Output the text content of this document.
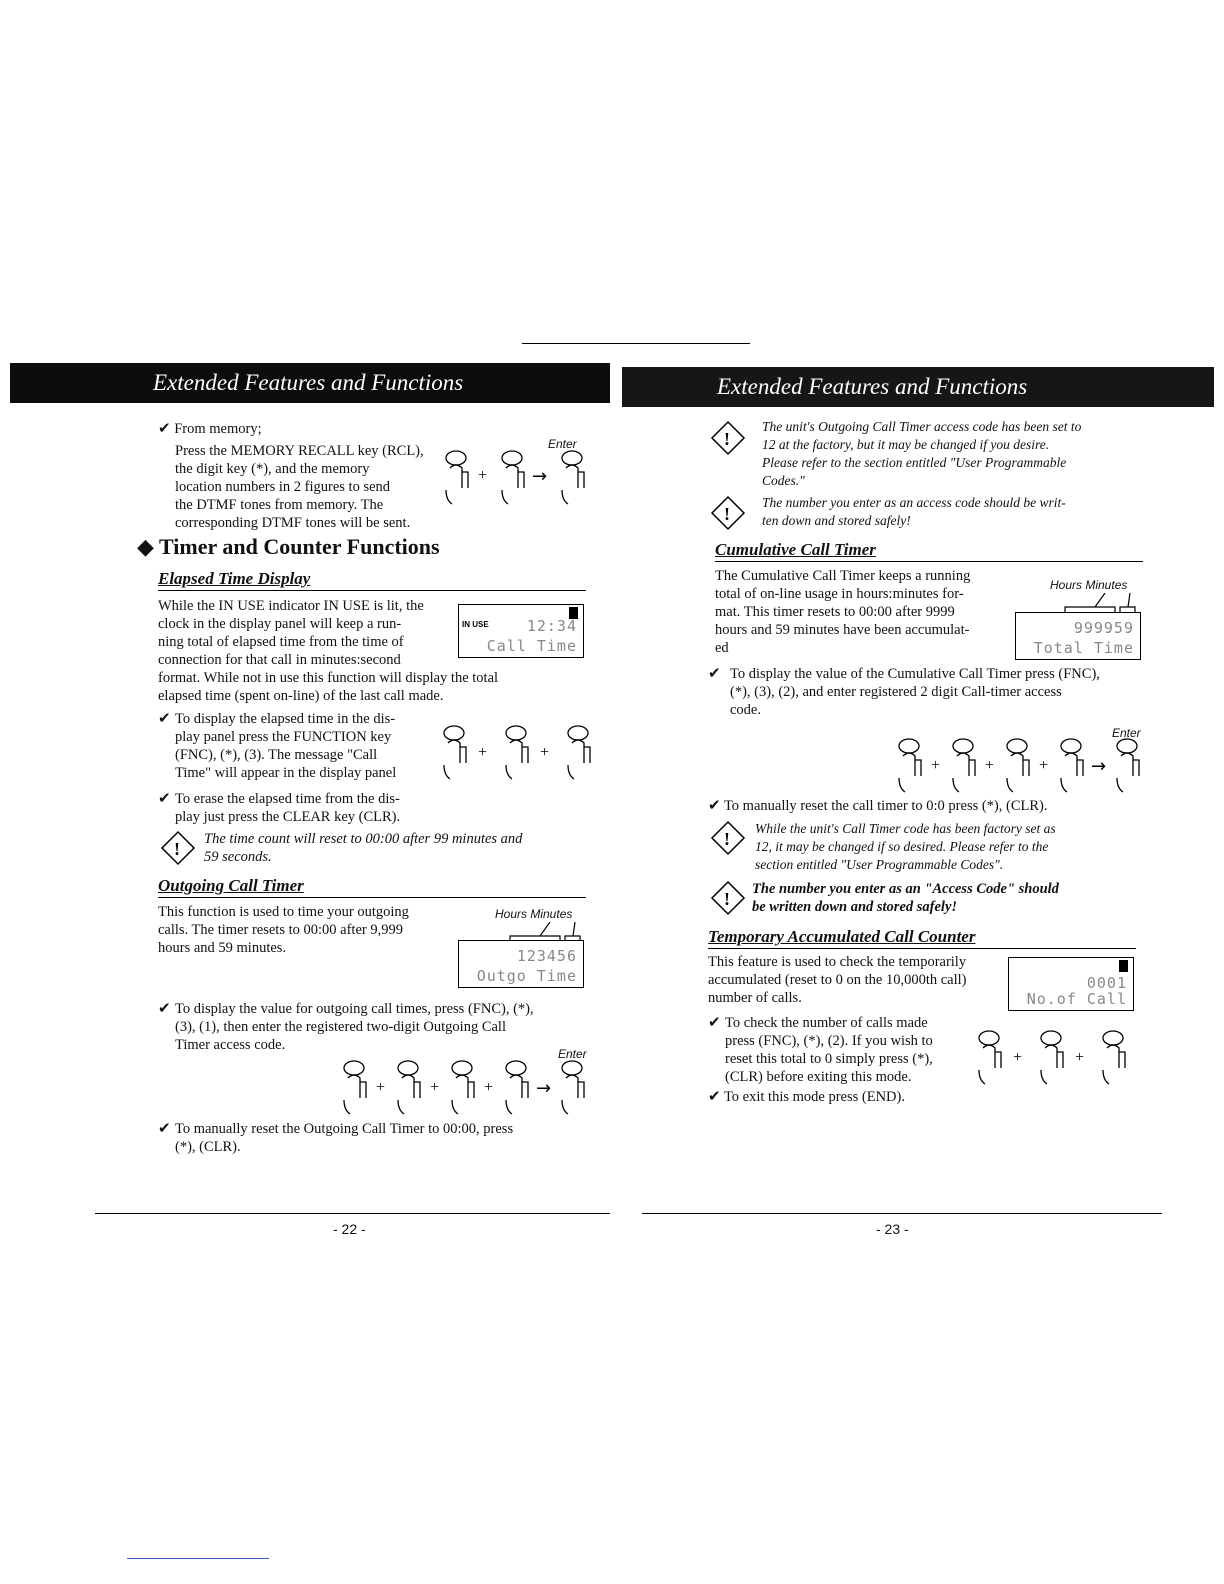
Extended Features and Functions	Extended Features and Functions
✔ From memory;
Press the MEMORY RECALL key (RCL),
the digit key (*), and the memory
location numbers in 2 figures to send
the DTMF tones from memory. The
corresponding DTMF tones will be sent.
Enter
+ →
◆ Timer and Counter Functions
Elapsed Time Display
While the IN USE indicator IN USE is lit, the
clock in the display panel will keep a run-
ning total of elapsed time from the time of
connection for that call in minutes:second
IN USE	12:34
Call Time
format. While not in use this function will display the total
elapsed time (spent on-line) of the last call made.
✔ To display the elapsed time in the dis-
play panel press the FUNCTION key
(FNC), (*), (3). The message "Call
Time" will appear in the display panel
+	+
✔ To erase the elapsed time from the dis-
play just press the CLEAR key (CLR).
! The time count will reset to 00:00 after 99 minutes and
59 seconds.
Outgoing Call Timer
This function is used to time your outgoing
calls. The timer resets to 00:00 after 9,999
hours and 59 minutes.
Hours Minutes
123456
Outgo Time
✔ To display the value for outgoing call times, press (FNC), (*),
(3), (1), then enter the registered two-digit Outgoing Call
Timer access code.
Enter
+	+	+ →
✔ To manually reset the Outgoing Call Timer to 00:00, press
(*), (CLR).
- 22 -
!
The unit's Outgoing Call Timer access code has been set to
12 at the factory, but it may be changed if you desire.
Please refer to the section entitled "User Programmable
Codes."
!
The number you enter as an access code should be writ-
ten down and stored safely!
Cumulative Call Timer
The Cumulative Call Timer keeps a running
total of on-line usage in hours:minutes for-
mat. This timer resets to 00:00 after 9999
hours and 59 minutes have been accumulat-
ed
Hours Minutes
999959
Total Time
✔ To display the value of the Cumulative Call Timer press (FNC),
(*), (3), (2), and enter registered 2 digit Call-timer access
code.
Enter
+	+	+ →
✔ To manually reset the call timer to 0:0 press (*), (CLR).
!
While the unit's Call Timer code has been factory set as
12, it may be changed if so desired. Please refer to the
section entitled "User Programmable Codes".
! The number you enter as an "Access Code" should
be written down and stored safely!
Temporary Accumulated Call Counter
This feature is used to check the temporarily
accumulated (reset to 0 on the 10,000th call)
number of calls.
0001
No.of Call
✔ To check the number of calls made
press (FNC), (*), (2). If you wish to
reset this total to 0 simply press (*),
(CLR) before exiting this mode.
+	+
✔ To exit this mode press (END).
- 23 -
